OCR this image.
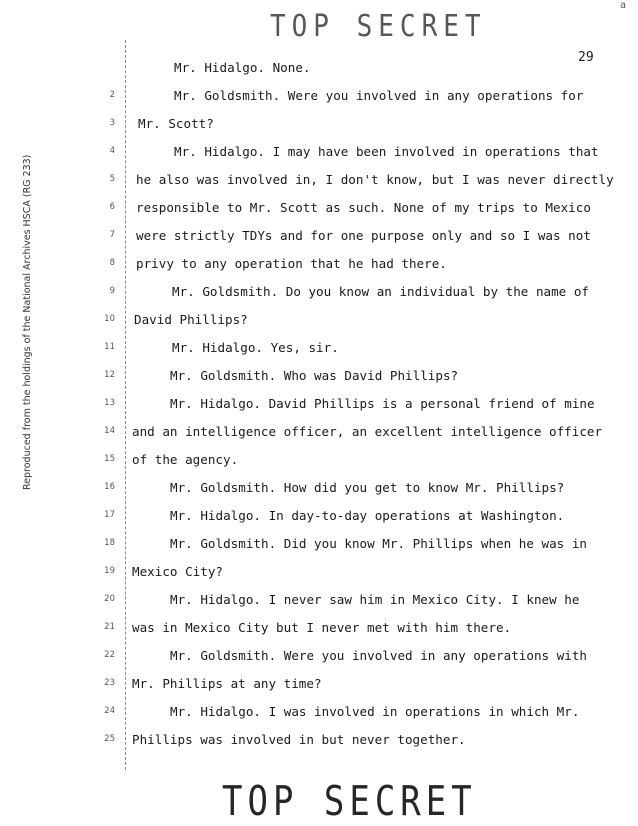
TOP SECRET
a
29
Reproduced from the holdings of the National Archives HSCA (RG 233)
2
3
4
5
6
7
8
9
10
11
12
13
14
15
16
17
18
19
20
21
22
23
24
25
Mr. Hidalgo. None.
Mr. Goldsmith. Were you involved in any operations for
Mr. Scott?
Mr. Hidalgo. I may have been involved in operations that
he also was involved in, I don't know, but I was never directly
responsible to Mr. Scott as such. None of my trips to Mexico
were strictly TDYs and for one purpose only and so I was not
privy to any operation that he had there.
Mr. Goldsmith. Do you know an individual by the name of
David Phillips?
Mr. Hidalgo. Yes, sir.
Mr. Goldsmith. Who was David Phillips?
Mr. Hidalgo. David Phillips is a personal friend of mine
and an intelligence officer, an excellent intelligence officer
of the agency.
Mr. Goldsmith. How did you get to know Mr. Phillips?
Mr. Hidalgo. In day-to-day operations at Washington.
Mr. Goldsmith. Did you know Mr. Phillips when he was in
Mexico City?
Mr. Hidalgo. I never saw him in Mexico City. I knew he
was in Mexico City but I never met with him there.
Mr. Goldsmith. Were you involved in any operations with
Mr. Phillips at any time?
Mr. Hidalgo. I was involved in operations in which Mr.
Phillips was involved in but never together.
TOP SECRET
